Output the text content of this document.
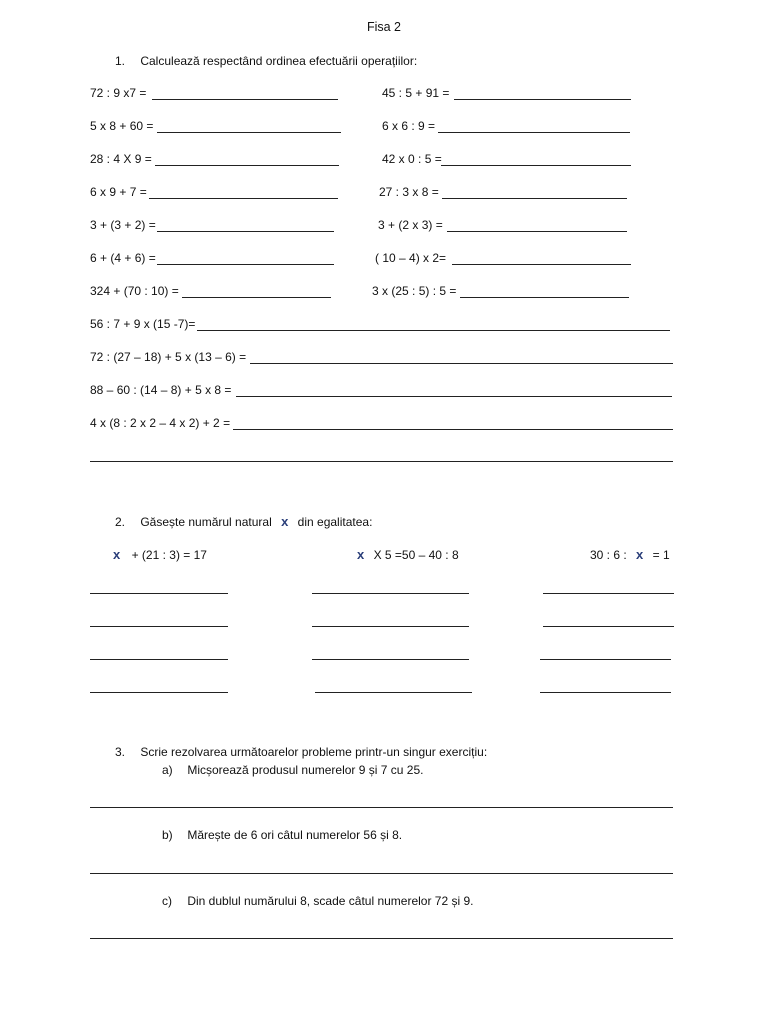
Fisa 2
1. Calculează respectând ordinea efectuării operațiilor:
72 : 9 x7 =
5 x 8 + 60 =
28 : 4 X 9 =
6 x 9 + 7 =
3 + (3 + 2) =
6 + (4 + 6) =
324 + (70 : 10) =
45 : 5 + 91 =
6 x 6 : 9 =
42 x 0 : 5 =
27 : 3 x 8 =
3 + (2 x 3) =
( 10 – 4) x 2=
3 x (25 : 5) : 5 =
56 : 7 + 9 x (15 -7)=
72 : (27 – 18) + 5 x (13 – 6) =
88 – 60 : (14 – 8) + 5 x 8 =
4 x (8 : 2 x 2 – 4 x 2) + 2 =
2. Găsește numărul natural x din egalitatea:
x + (21 : 3) = 17	x X 5 =50 – 40 : 8	30 : 6 : x = 1
3. Scrie rezolvarea următoarelor probleme printr-un singur exercițiu:
a) Micșorează produsul numerelor 9 și 7 cu 25.
b) Mărește de 6 ori câtul numerelor 56 și 8.
c) Din dublul numărului 8, scade câtul numerelor 72 și 9.
